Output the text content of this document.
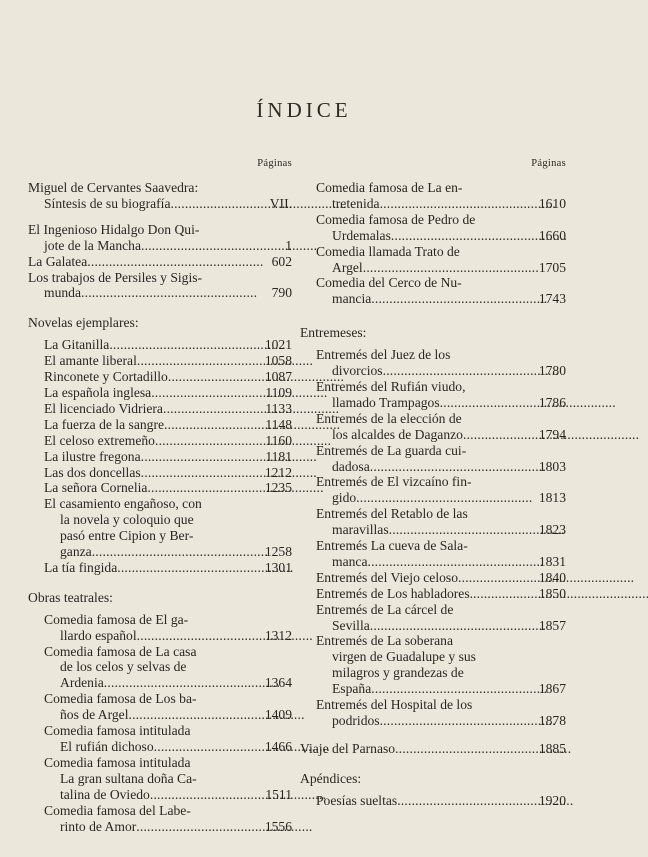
ÍNDICE
Páginas
Miguel de Cervantes Saavedra:
Síntesis de su biografía . . .	VII.
El Ingenioso Hidalgo Don Qui-
jote de la Mancha . . .	1
La Galatea . . .	602
Los trabajos de Persiles y Sigis-
munda . . .	790
Novelas ejemplares:
La Gitanilla . . .	1021
El amante liberal . . .	1058
Rinconete y Cortadillo . . .	1087
La española inglesa . . .	1109
El licenciado Vidriera . . .	1133
La fuerza de la sangre . . .	1148
El celoso extremeño . . .	1160
La ilustre fregona . . .	1181
Las dos doncellas . . .	1212
La señora Cornelia . . .	1235
El casamiento engañoso, con
la novela y coloquio que
pasó entre Cipion y Ber-
ganza . . .	1258
La tía fingida . . .	1301
Obras teatrales:
Comedia famosa de El ga-
llardo español . . .	1312
Comedia famosa de La casa
de los celos y selvas de
Ardenia . . .	1364
Comedia famosa de Los ba-
ños de Argel . . .	1409
Comedia famosa intitulada
El rufián dichoso . . .	1466
Comedia famosa intitulada
La gran sultana doña Ca-
talina de Oviedo . . .	1511
Comedia famosa del Labe-
rinto de Amor . . .	1556
Páginas
Comedia famosa de La en-
tretenida . . .	1610
Comedia famosa de Pedro de
Urdemalas . . .	1660
Comedia llamada Trato de
Argel . . .	1705
Comedia del Cerco de Nu-
mancia . . .	1743
Entremeses:
Entremés del Juez de los
divorcios . . .	1780
Entremés del Rufián viudo,
llamado Trampagos . . .	1786
Entremés de la elección de
los alcaldes de Daganzo . . .	1794
Entremés de La guarda cui-
dadosa . . .	1803
Entremés de El vizcaíno fin-
gido . . .	1813
Entremés del Retablo de las
maravillas . . .	1823
Entremés La cueva de Sala-
manca . . .	1831
Entremés del Viejo celoso . . .	1840
Entremés de Los habladores. . . .	1850
Entremés de La cárcel de
Sevilla . . .	1857
Entremés de La soberana
virgen de Guadalupe y sus
milagros y grandezas de
España . . .	1867
Entremés del Hospital de los
podridos . . .	1878
Viaje del Parnaso . . .	1885
Apéndices:
Poesías sueltas . . .	1920
